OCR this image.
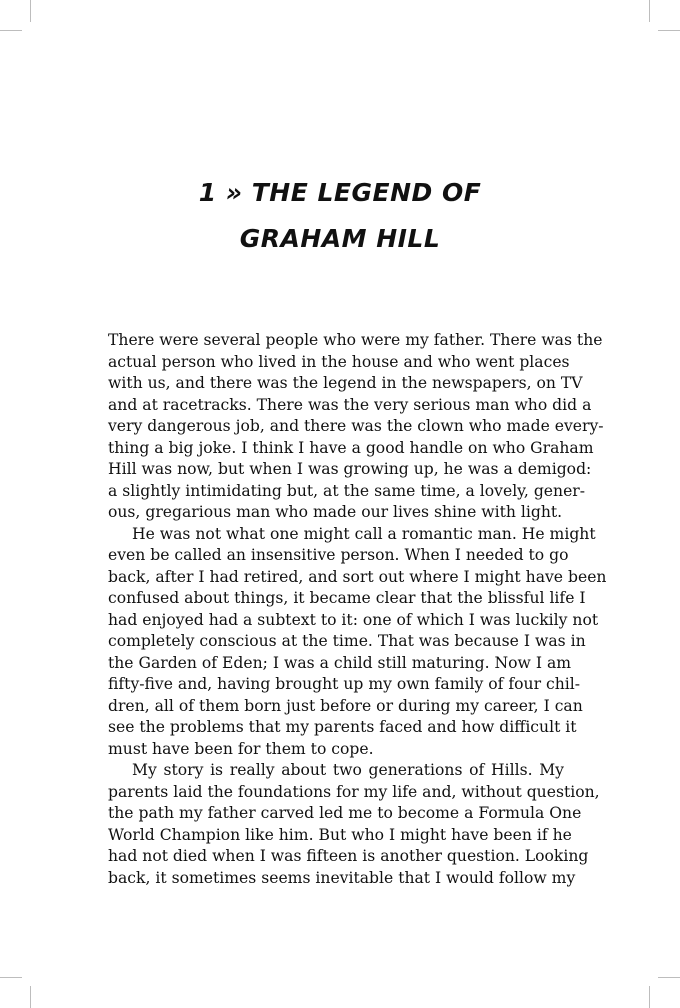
1 » THE LEGEND OF
GRAHAM HILL
There were several people who were my father. There was the
actual person who lived in the house and who went places
with us, and there was the legend in the newspapers, on TV
and at racetracks. There was the very serious man who did a
very dangerous job, and there was the clown who made every-
thing a big joke. I think I have a good handle on who Graham
Hill was now, but when I was growing up, he was a demigod:
a slightly intimidating but, at the same time, a lovely, gener-
ous, gregarious man who made our lives shine with light.
He was not what one might call a romantic man. He might
even be called an insensitive person. When I needed to go
back, after I had retired, and sort out where I might have been
confused about things, it became clear that the blissful life I
had enjoyed had a subtext to it: one of which I was luckily not
completely conscious at the time. That was because I was in
the Garden of Eden; I was a child still maturing. Now I am
fifty-five and, having brought up my own family of four chil-
dren, all of them born just before or during my career, I can
see the problems that my parents faced and how difficult it
must have been for them to cope.
My story is really about two generations of Hills. My
parents laid the foundations for my life and, without question,
the path my father carved led me to become a Formula One
World Champion like him. But who I might have been if he
had not died when I was fifteen is another question. Looking
back, it sometimes seems inevitable that I would follow my
